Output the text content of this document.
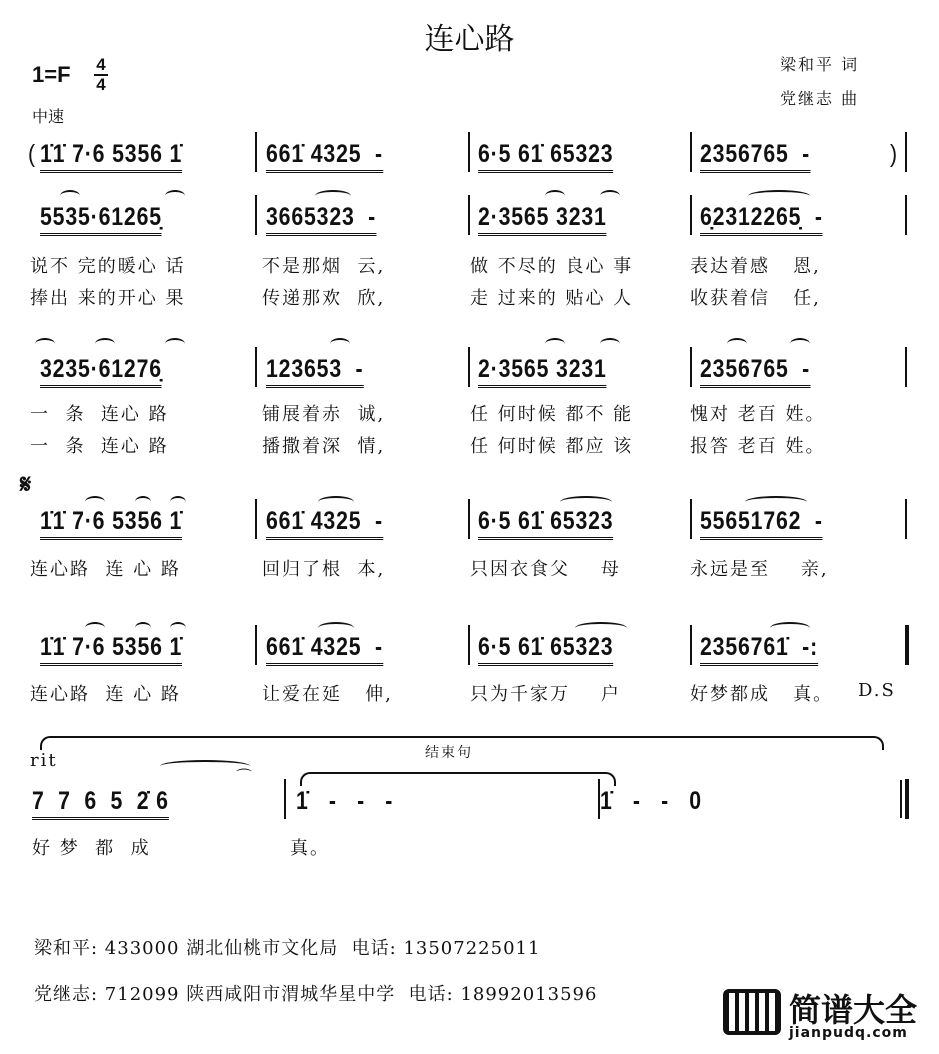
连心路
梁和平 词
党继志 曲
1=F 4
4
中速
𝄋
( 1̇1̇ 7·6 5356 1̇	661̇ 4325  -	6·5 61̇ 65323	2356765  -	)
5535·61265̣	3665323  -	2·3565 3231	6̣2312265̣  -
说不 完的暖心 话	不是那烟  云,	做 不尽的 良心 事	表达着感   恩,
捧出 来的开心 果	传递那欢  欣,	走 过来的 贴心 人	收获着信   任,
3235·61276̣	123653  -	2·3565 3231	2356765  -
一  条  连心 路	铺展着赤  诚,	任 何时候 都不 能	愧对 老百 姓。
一  条  连心 路	播撒着深  情,	任 何时候 都应 该	报答 老百 姓。
1̇1̇ 7·6 5356 1̇	661̇ 4325  -	6·5 61̇ 65323	55651762  -
连心路  连 心 路	回归了根  本,	只因衣食父    母	永远是至    亲,
1̇1̇ 7·6 5356 1̇	661̇ 4325  -	6·5 61̇ 65323	2356761̇  -:
连心路  连 心 路	让爱在延   伸,	只为千家万    户	好梦都成   真。 D.S
7  7  6  5  2̇ 6	1̇   -   -   -	1̇   -   -   0
好 梦  都  成	真。
rit	结束句
⌒
梁和平: 433000 湖北仙桃市文化局  电话: 13507225011
党继志: 712099 陕西咸阳市渭城华星中学  电话: 18992013596	简谱大全
jianpudq.com
